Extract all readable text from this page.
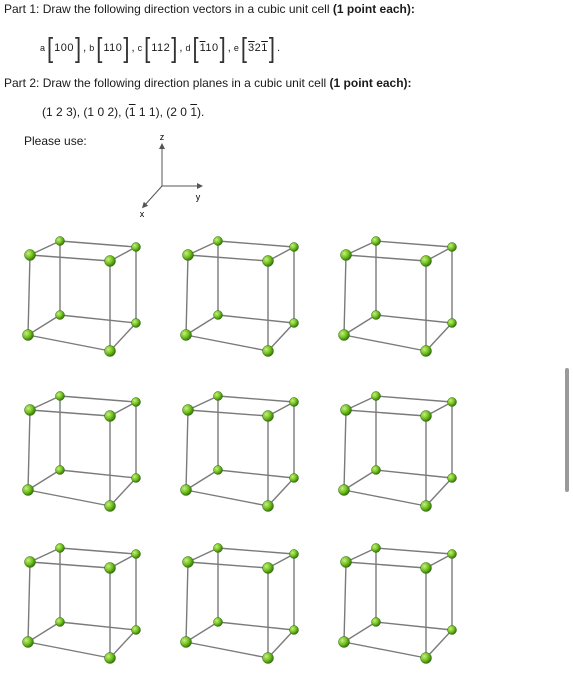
Part 1: Draw the following direction vectors in a cubic unit cell (1 point each):
a [ 100 ] , b [ 110 ] , c [ 112 ] , d [ 110 ] , e [ 321 ] .
Part 2: Draw the following direction planes in a cubic unit cell (1 point each):
(1 2 3), (1 0 2), (1 1 1), (2 0 1).
Please use:	z
y
x
